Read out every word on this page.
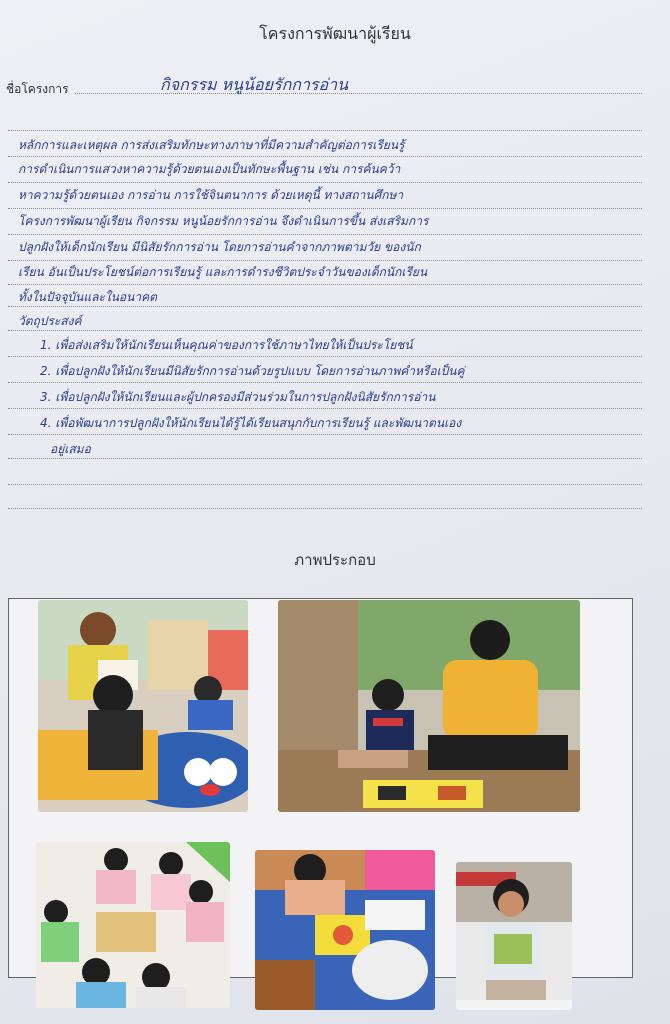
โครงการพัฒนาผู้เรียน
ชื่อโครงการ	กิจกรรม หนูน้อยรักการอ่าน
หลักการและเหตุผล การส่งเสริมทักษะทางภาษาที่มีความสำคัญต่อการเรียนรู้
การดำเนินการแสวงหาความรู้ด้วยตนเองเป็นทักษะพื้นฐาน เช่น การค้นคว้า
หาความรู้ด้วยตนเอง การอ่าน การใช้จินตนาการ ด้วยเหตุนี้ ทางสถานศึกษา
โครงการพัฒนาผู้เรียน กิจกรรม หนูน้อยรักการอ่าน จึงดำเนินการขึ้น ส่งเสริมการ
ปลูกฝังให้เด็กนักเรียน มีนิสัยรักการอ่าน โดยการอ่านคำจากภาพตามวัย ของนัก
เรียน อันเป็นประโยชน์ต่อการเรียนรู้ และการดำรงชีวิตประจำวันของเด็กนักเรียน
ทั้งในปัจจุบันและในอนาคต
วัตถุประสงค์
1. เพื่อส่งเสริมให้นักเรียนเห็นคุณค่าของการใช้ภาษาไทยให้เป็นประโยชน์
2. เพื่อปลูกฝังให้นักเรียนมีนิสัยรักการอ่านด้วยรูปแบบ โดยการอ่านภาพคำหรือเป็นคู่
3. เพื่อปลูกฝังให้นักเรียนและผู้ปกครองมีส่วนร่วมในการปลูกฝังนิสัยรักการอ่าน
4. เพื่อพัฒนาการปลูกฝังให้นักเรียนได้รู้ได้เรียนสนุกกับการเรียนรู้ และพัฒนาตนเอง
อยู่เสมอ
ภาพประกอบ
